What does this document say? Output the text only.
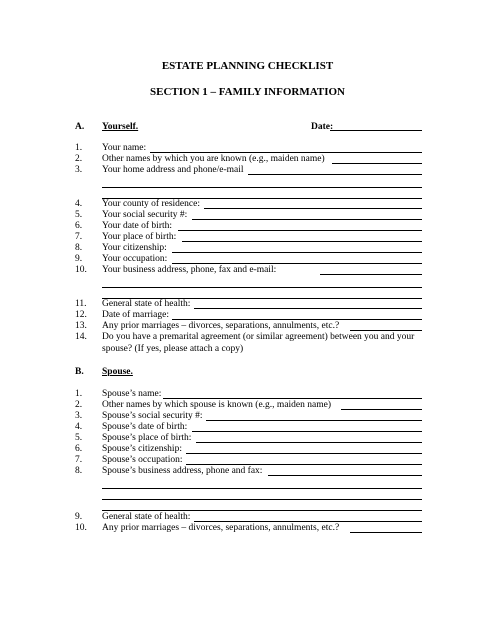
ESTATE PLANNING CHECKLIST
SECTION 1 – FAMILY INFORMATION
A. Yourself.	Date:
1. Your name:
2. Other names by which you are known (e.g., maiden name)
3. Your home address and phone/e-mail
4. Your county of residence:
5. Your social security #:
6. Your date of birth:
7. Your place of birth:
8. Your citizenship:
9. Your occupation:
10. Your business address, phone, fax and e-mail:
11. General state of health:
12. Date of marriage:
13. Any prior marriages – divorces, separations, annulments, etc.?
14. Do you have a premarital agreement (or similar agreement) between you and your
spouse? (If yes, please attach a copy)
B. Spouse.
1. Spouse’s name:
2. Other names by which spouse is known (e.g., maiden name)
3. Spouse’s social security #:
4. Spouse’s date of birth:
5. Spouse’s place of birth:
6. Spouse’s citizenship:
7. Spouse’s occupation:
8. Spouse’s business address, phone and fax:
9. General state of health:
10. Any prior marriages – divorces, separations, annulments, etc.?
